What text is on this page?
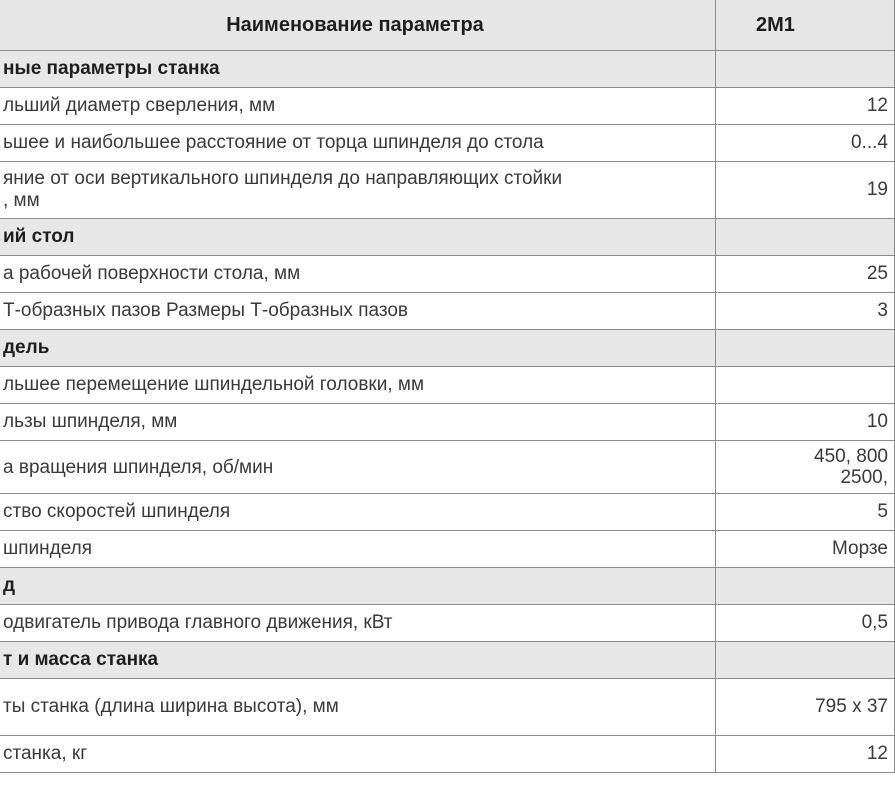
Наименование параметра	2М1
ные параметры станка	
льший диаметр сверления, мм	12
ьшее и наибольшее расстояние от торца шпинделя до стола	0...4

яние от оси вертикального шпинделя до направляющих стойки
, мм	19
ий стол	
а рабочей поверхности стола, мм	25
Т-образных пазов Размеры Т-образных пазов	3
дель	
льшее перемещение шпиндельной головки, мм	
льзы шпинделя, мм	10
а вращения шпинделя, об/мин	450, 800
2500,

ство скоростей шпинделя	5
шпинделя	Морзе
д	
одвигатель привода главного движения, кВт	0,5
т и масса станка	
ты станка (длина ширина высота), мм	795 х 37
станка, кг	12
